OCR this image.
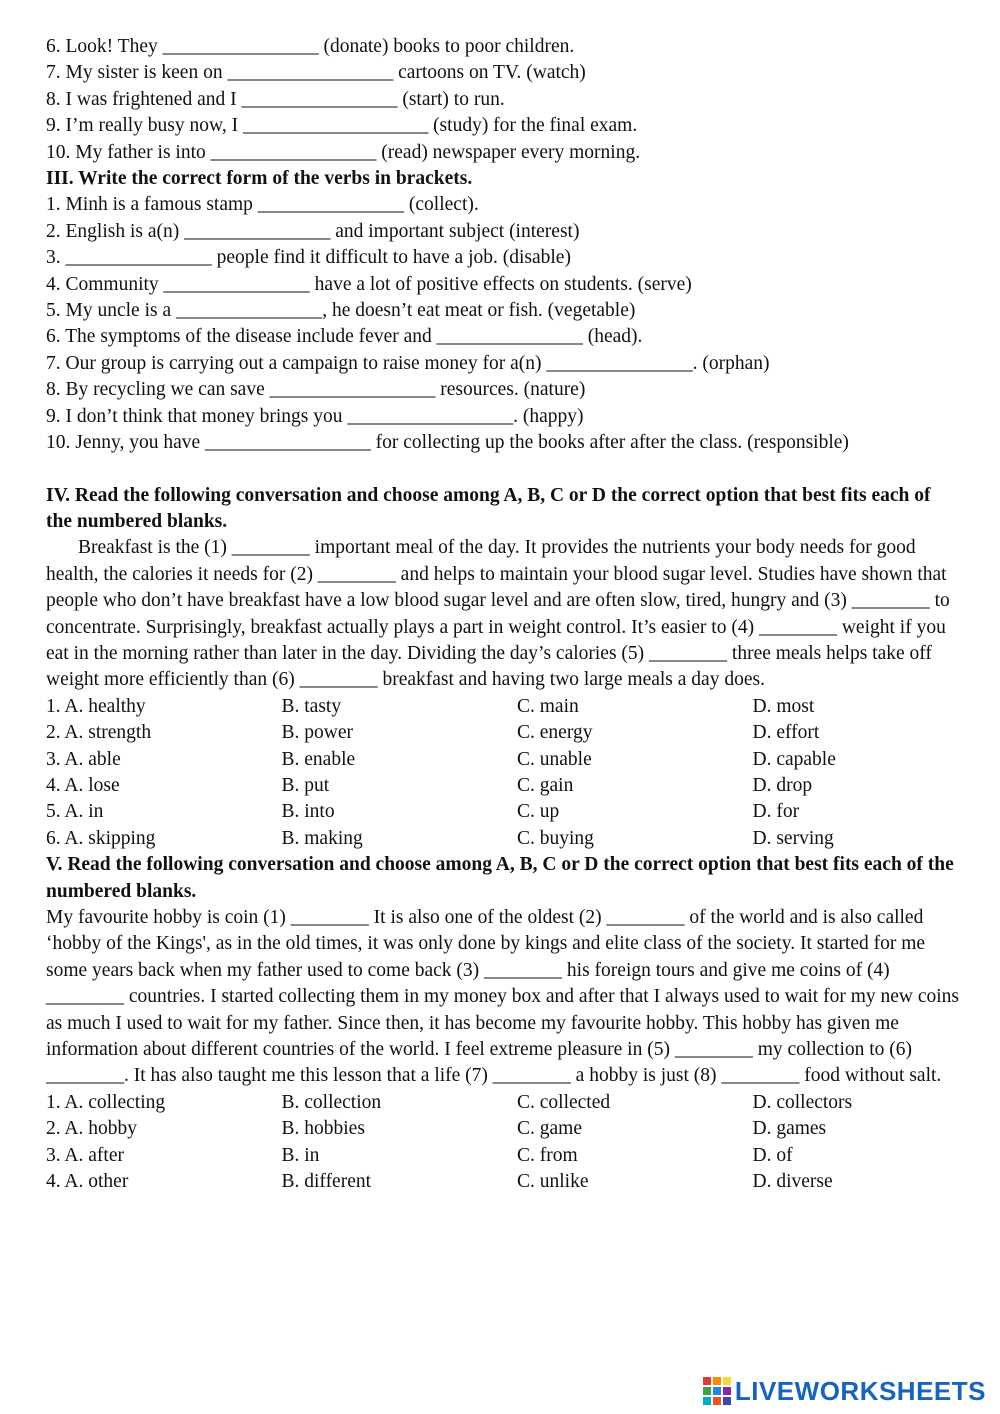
6. Look! They ________________ (donate) books to poor children.
7. My sister is keen on _________________ cartoons on TV. (watch)
8. I was frightened and I ________________ (start) to run.
9. I’m really busy now, I ___________________ (study) for the final exam.
10. My father is into _________________ (read) newspaper every morning.
III. Write the correct form of the verbs in brackets.
1. Minh is a famous stamp _______________ (collect).
2. English is a(n) _______________ and important subject (interest)
3. _______________ people find it difficult to have a job. (disable)
4. Community _______________ have a lot of positive effects on students. (serve)
5. My uncle is a _______________, he doesn’t eat meat or fish. (vegetable)
6. The symptoms of the disease include fever and _______________ (head).
7. Our group is carrying out a campaign to raise money for a(n) _______________. (orphan)
8. By recycling we can save _________________ resources. (nature)
9. I don’t think that money brings you _________________. (happy)
10. Jenny, you have _________________ for collecting up the books after after the class. (responsible)
IV. Read the following conversation and choose among A, B, C or D the correct option that best fits each of the numbered blanks.
Breakfast is the (1) ________ important meal of the day. It provides the nutrients your body needs for good health, the calories it needs for (2) ________ and helps to maintain your blood sugar level. Studies have shown that people who don’t have breakfast have a low blood sugar level and are often slow, tired, hungry and (3) ________ to concentrate. Surprisingly, breakfast actually plays a part in weight control. It’s easier to (4) ________ weight if you eat in the morning rather than later in the day. Dividing the day’s calories (5) ________ three meals helps take off weight more efficiently than (6) ________ breakfast and having two large meals a day does.
1. A. healthy	B. tasty	C. main	D. most
2. A. strength	B. power	C. energy	D. effort
3. A. able	B. enable	C. unable	D. capable
4. A. lose	B. put	C. gain	D. drop
5. A. in	B. into	C. up	D. for
6. A. skipping	B. making	C. buying	D. serving
V. Read the following conversation and choose among A, B, C or D the correct option that best fits each of the numbered blanks.
My favourite hobby is coin (1) ________ It is also one of the oldest (2) ________ of the world and is also called ‘hobby of the Kings', as in the old times, it was only done by kings and elite class of the society. It started for me some years back when my father used to come back (3) ________ his foreign tours and give me coins of (4) ________ countries. I started collecting them in my money box and after that I always used to wait for my new coins as much I used to wait for my father. Since then, it has become my favourite hobby. This hobby has given me information about different countries of the world. I feel extreme pleasure in (5) ________ my collection to (6) ________. It has also taught me this lesson that a life (7) ________ a hobby is just (8) ________ food without salt.
1. A. collecting	B. collection	C. collected	D. collectors
2. A. hobby	B. hobbies	C. game	D. games
3. A. after	B. in	C. from	D. of
4. A. other	B. different	C. unlike	D. diverse
LIVEWORKSHEETS
